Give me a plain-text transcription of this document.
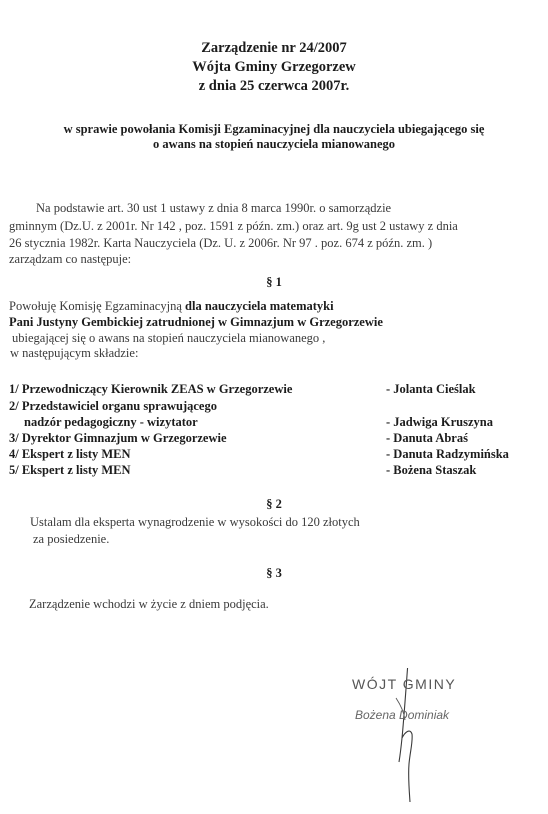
Zarządzenie nr 24/2007
Wójta Gminy Grzegorzew
z dnia 25 czerwca 2007r.
w sprawie powołania Komisji Egzaminacyjnej dla nauczyciela ubiegającego się
o awans na stopień nauczyciela mianowanego
Na podstawie art. 30 ust 1 ustawy z dnia 8 marca 1990r. o samorządzie
gminnym (Dz.U. z 2001r. Nr 142 , poz. 1591 z późn. zm.) oraz art. 9g ust 2 ustawy z dnia
26 stycznia 1982r. Karta Nauczyciela (Dz. U. z 2006r. Nr 97 . poz. 674 z późn. zm. )
zarządzam co następuje:
§ 1
Powołuję Komisję Egzaminacyjną dla nauczyciela matematyki
Pani Justyny Gembickiej zatrudnionej w Gimnazjum w Grzegorzewie
ubiegającej się o awans na stopień nauczyciela mianowanego ,
w następującym składzie:
1/ Przewodniczący Kierownik ZEAS w Grzegorzewie	- Jolanta Cieślak
2/ Przedstawiciel organu sprawującego
nadzór pedagogiczny - wizytator	- Jadwiga Kruszyna
3/ Dyrektor Gimnazjum w Grzegorzewie	- Danuta Abraś
4/ Ekspert z listy MEN	- Danuta Radzymińska
5/ Ekspert z listy MEN	- Bożena Staszak
§ 2
Ustalam dla eksperta wynagrodzenie w wysokości do 120 złotych
za posiedzenie.
§ 3
Zarządzenie wchodzi w życie z dniem podjęcia.
WÓJT GMINY
Bożena Dominiak
